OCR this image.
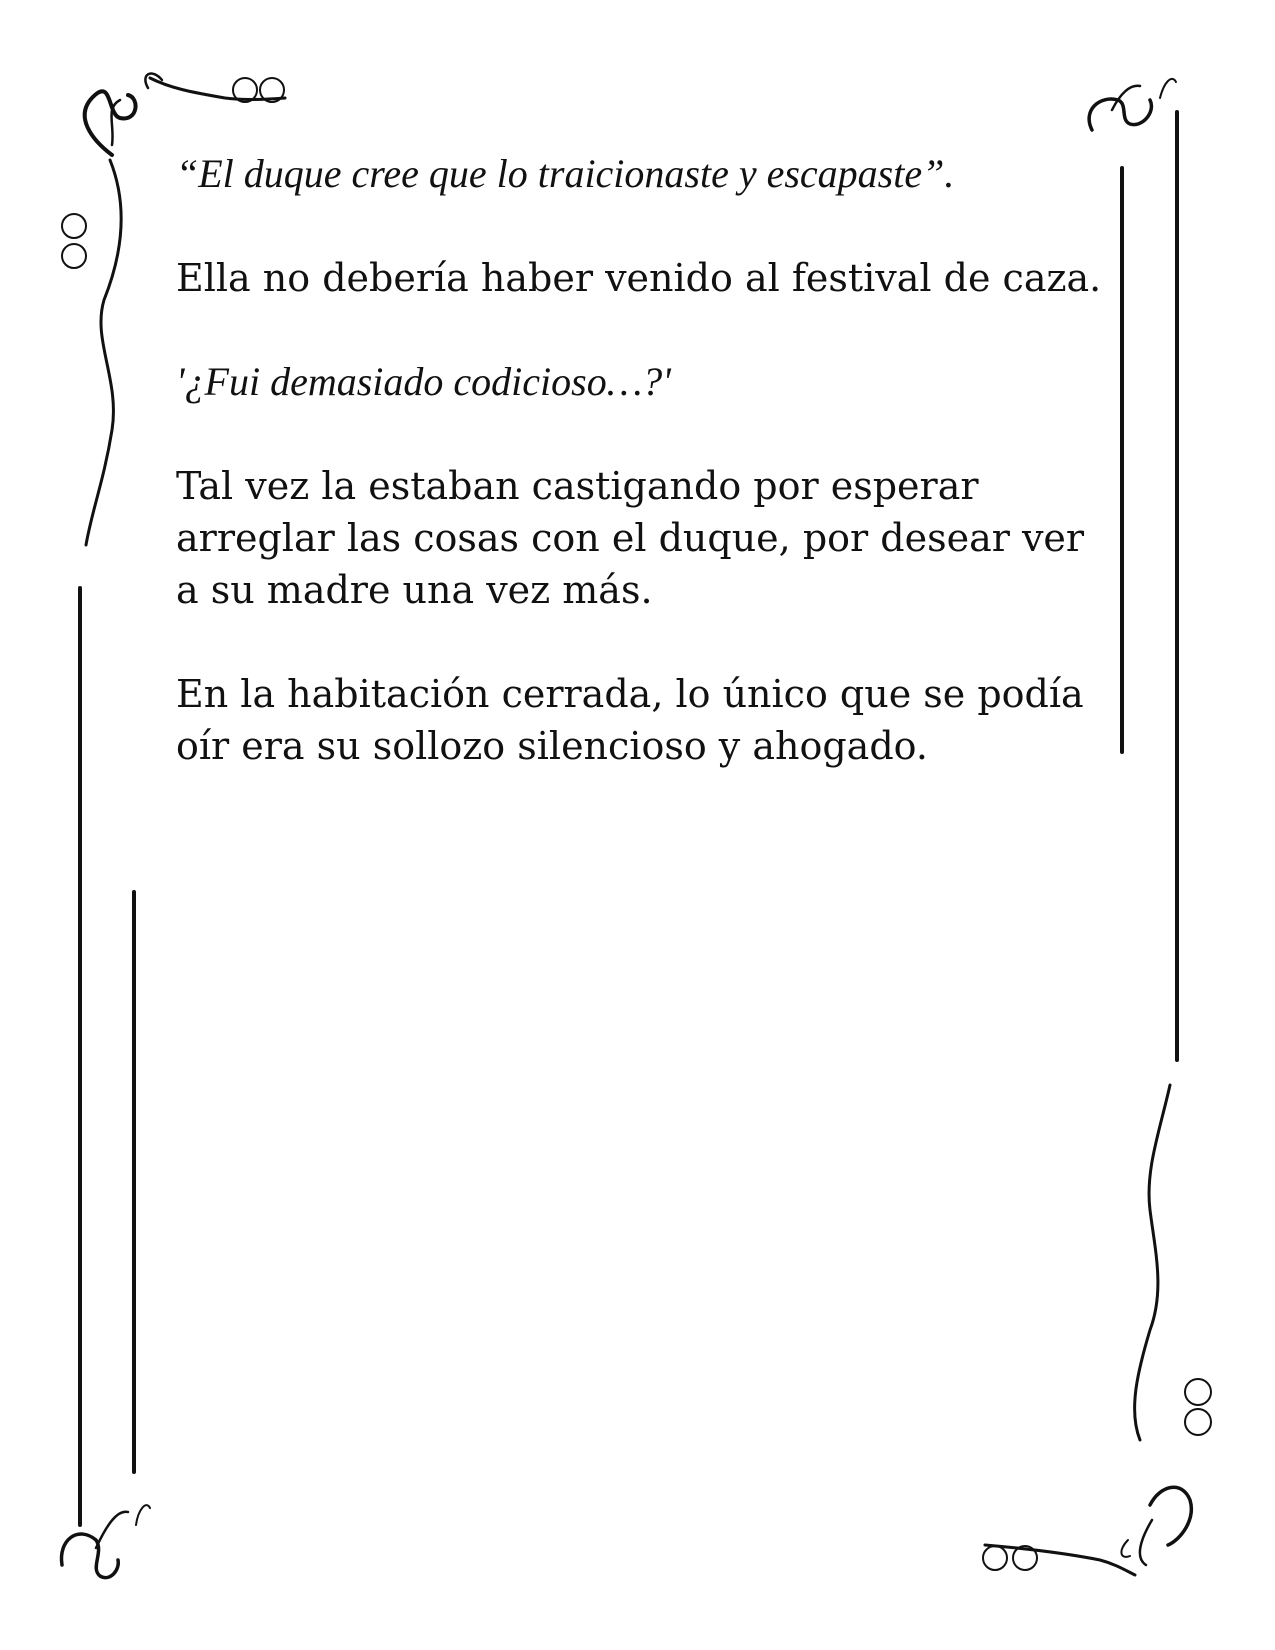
“El duque cree que lo traicionaste y escapaste”.

Ella no debería haber venido al festival de caza.

'¿Fui demasiado codicioso…?'

Tal vez la estaban castigando por esperar
arreglar las cosas con el duque, por desear ver
a su madre una vez más.

En la habitación cerrada, lo único que se podía
oír era su sollozo silencioso y ahogado.
